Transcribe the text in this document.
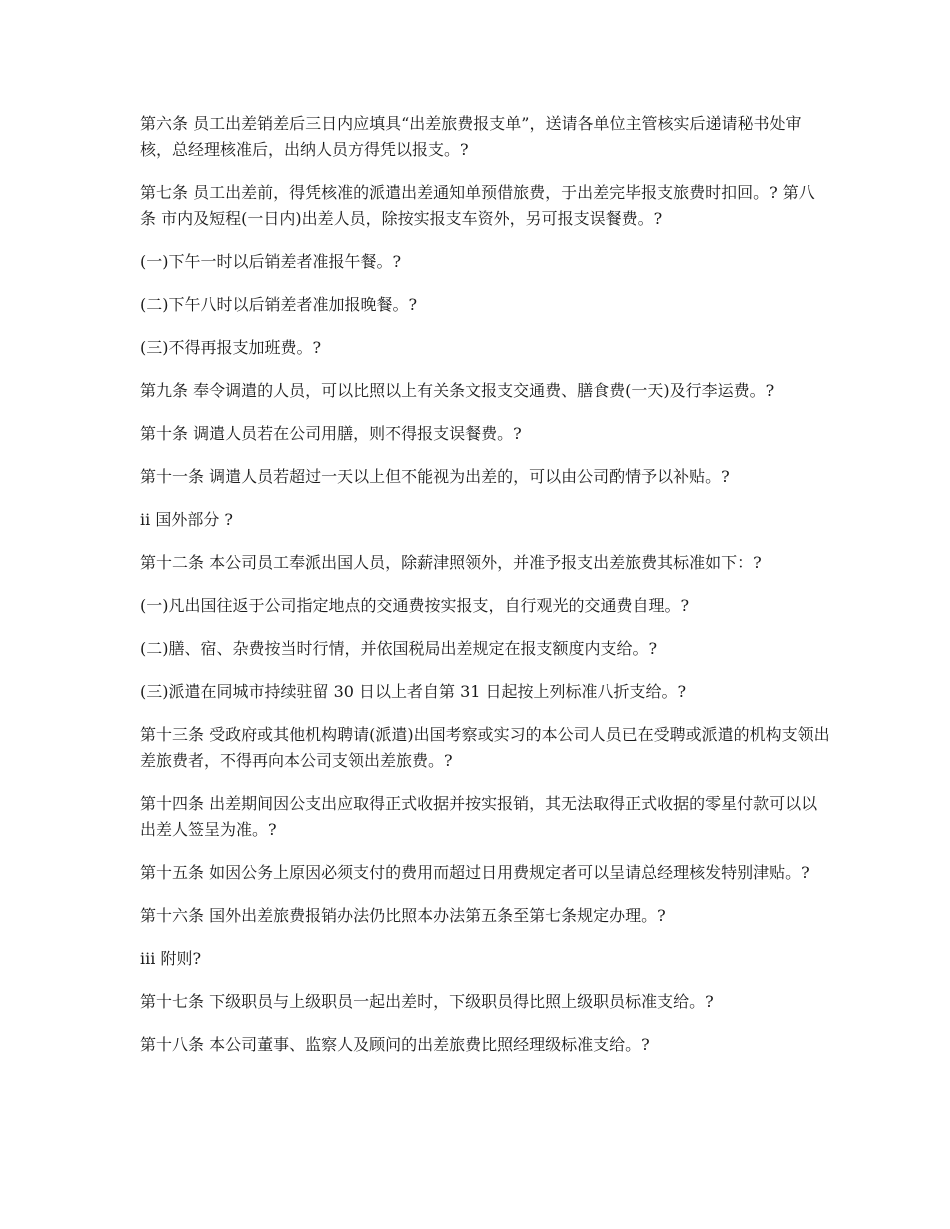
第六条 员工出差销差后三日内应填具“出差旅费报支单”，送请各单位主管核实后递请秘书处审核，总经理核准后，出纳人员方得凭以报支。?

第七条 员工出差前，得凭核准的派遣出差通知单预借旅费，于出差完毕报支旅费时扣回。? 第八条 市内及短程(一日内)出差人员，除按实报支车资外，另可报支误餐费。?

(一)下午一时以后销差者准报午餐。?

(二)下午八时以后销差者准加报晚餐。?

(三)不得再报支加班费。?

第九条 奉令调遣的人员，可以比照以上有关条文报支交通费、膳食费(一天)及行李运费。?

第十条 调遣人员若在公司用膳，则不得报支误餐费。?

第十一条 调遣人员若超过一天以上但不能视为出差的，可以由公司酌情予以补贴。?

ii 国外部分 ?

第十二条 本公司员工奉派出国人员，除薪津照领外，并准予报支出差旅费其标准如下：?

(一)凡出国往返于公司指定地点的交通费按实报支，自行观光的交通费自理。?

(二)膳、宿、杂费按当时行情，并依国税局出差规定在报支额度内支给。?

(三)派遣在同城市持续驻留 30 日以上者自第 31 日起按上列标准八折支给。?

第十三条 受政府或其他机构聘请(派遣)出国考察或实习的本公司人员已在受聘或派遣的机构支领出差旅费者，不得再向本公司支领出差旅费。?

第十四条 出差期间因公支出应取得正式收据并按实报销，其无法取得正式收据的零星付款可以以出差人签呈为准。?

第十五条 如因公务上原因必须支付的费用而超过日用费规定者可以呈请总经理核发特别津贴。?

第十六条 国外出差旅费报销办法仍比照本办法第五条至第七条规定办理。?

iii 附则?

第十七条 下级职员与上级职员一起出差时，下级职员得比照上级职员标准支给。?

第十八条 本公司董事、监察人及顾问的出差旅费比照经理级标准支给。?
